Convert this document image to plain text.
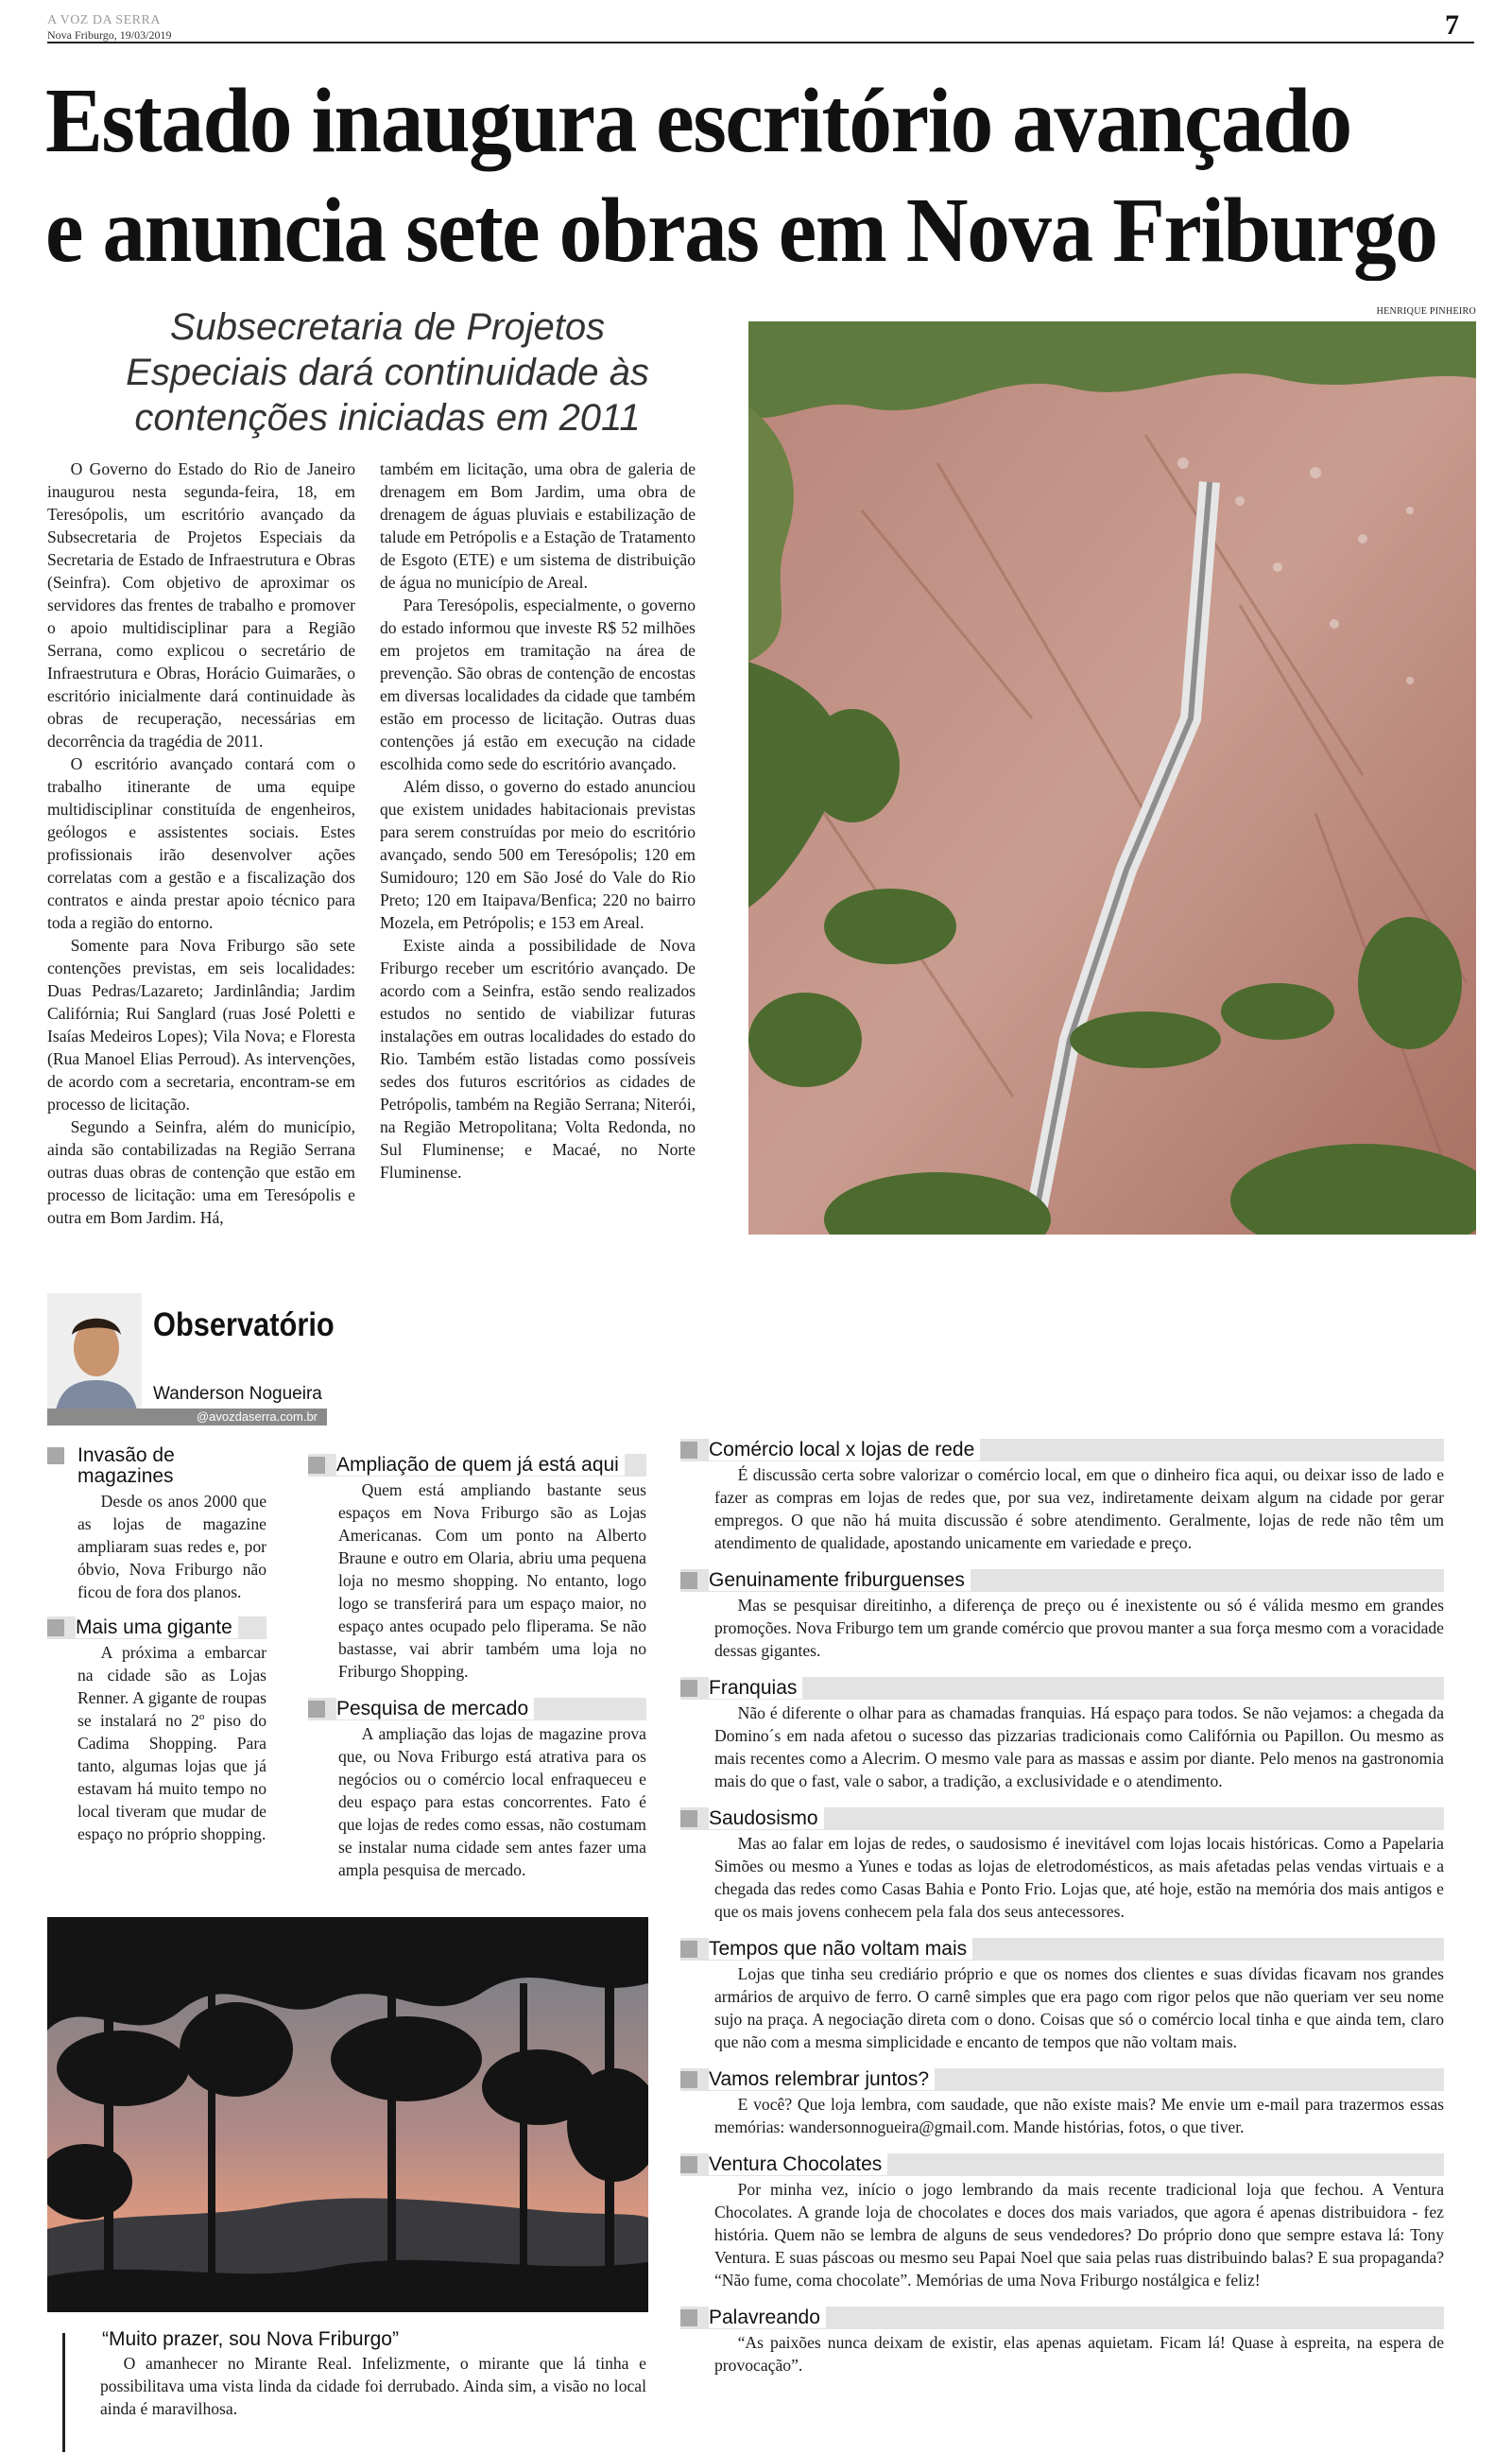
A VOZ DA SERRA
Nova Friburgo, 19/03/2019	7
Estado inaugura escritório avançado
e anuncia sete obras em Nova Friburgo
Subsecretaria de Projetos
Especiais dará continuidade às
contenções iniciadas em 2011
HENRIQUE PINHEIRO

O Governo do Estado do Rio de Janeiro inaugurou nesta segunda-feira, 18, em Teresópolis, um escritório avançado da Subsecretaria de Projetos Especiais da Secretaria de Estado de Infraestrutura e Obras (Seinfra). Com objetivo de aproximar os servidores das frentes de trabalho e promover o apoio multidisciplinar para a Região Serrana, como explicou o secretário de Infraestrutura e Obras, Horácio Guimarães, o escritório inicialmente dará continuidade às obras de recuperação, necessárias em decorrência da tragédia de 2011.

O escritório avançado contará com o trabalho itinerante de uma equipe multidisciplinar constituída de engenheiros, geólogos e assistentes sociais. Estes profissionais irão desenvolver ações correlatas com a gestão e a fiscalização dos contratos e ainda prestar apoio técnico para toda a região do entorno.

Somente para Nova Friburgo são sete contenções previstas, em seis localidades: Duas Pedras/Lazareto; Jardinlândia; Jardim Califórnia; Rui Sanglard (ruas José Poletti e Isaías Medeiros Lopes); Vila Nova; e Floresta (Rua Manoel Elias Perroud). As intervenções, de acordo com a secretaria, encontram-se em processo de licitação.

Segundo a Seinfra, além do município, ainda são contabilizadas na Região Serrana outras duas obras de contenção que estão em processo de licitação: uma em Teresópolis e outra em Bom Jardim. Há,

também em licitação, uma obra de galeria de drenagem em Bom Jardim, uma obra de drenagem de águas pluviais e estabilização de talude em Petrópolis e a Estação de Tratamento de Esgoto (ETE) e um sistema de distribuição de água no município de Areal.

Para Teresópolis, especialmente, o governo do estado informou que investe R$ 52 milhões em projetos em tramitação na área de prevenção. São obras de contenção de encostas em diversas localidades da cidade que também estão em processo de licitação. Outras duas contenções já estão em execução na cidade escolhida como sede do escritório avançado.

Além disso, o governo do estado anunciou que existem unidades habitacionais previstas para serem construídas por meio do escritório avançado, sendo 500 em Teresópolis; 120 em Sumidouro; 120 em São José do Vale do Rio Preto; 120 em Itaipava/Benfica; 220 no bairro Mozela, em Petrópolis; e 153 em Areal.

Existe ainda a possibilidade de Nova Friburgo receber um escritório avançado. De acordo com a Seinfra, estão sendo realizados estudos no sentido de viabilizar futuras instalações em outras localidades do estado do Rio. Também estão listadas como possíveis sedes dos futuros escritórios as cidades de Petrópolis, também na Região Serrana; Niterói, na Região Metropolitana; Volta Redonda, no Sul Fluminense; e Macaé, no Norte Fluminense.

Observatório
Wanderson Nogueira
@avozdaserra.com.br
Invasão de magazines

Desde os anos 2000 que as lojas de magazine ampliaram suas redes e, por óbvio, Nova Friburgo não ficou de fora dos planos.

Mais uma gigante

A próxima a embarcar na cidade são as Lojas Renner. A gigante de roupas se instalará no 2º piso do Cadima Shopping. Para tanto, algumas lojas que já estavam há muito tempo no local tiveram que mudar de espaço no próprio shopping.

Ampliação de quem já está aqui

Quem está ampliando bastante seus espaços em Nova Friburgo são as Lojas Americanas. Com um ponto na Alberto Braune e outro em Olaria, abriu uma pequena loja no mesmo shopping. No entanto, logo logo se transferirá para um espaço maior, no espaço antes ocupado pelo fliperama. Se não bastasse, vai abrir também uma loja no Friburgo Shopping.

Pesquisa de mercado

A ampliação das lojas de magazine prova que, ou Nova Friburgo está atrativa para os negócios ou o comércio local enfraqueceu e deu espaço para estas concorrentes. Fato é que lojas de redes como essas, não costumam se instalar numa cidade sem antes fazer uma ampla pesquisa de mercado.

“Muito prazer, sou Nova Friburgo”

O amanhecer no Mirante Real. Infelizmente, o mirante que lá tinha e possibilitava uma vista linda da cidade foi derrubado. Ainda sim, a visão no local ainda é maravilhosa.

Comércio local x lojas de rede

É discussão certa sobre valorizar o comércio local, em que o dinheiro fica aqui, ou deixar isso de lado e fazer as compras em lojas de redes que, por sua vez, indiretamente deixam algum na cidade por gerar empregos. O que não há muita discussão é sobre atendimento. Geralmente, lojas de rede não têm um atendimento de qualidade, apostando unicamente em variedade e preço.

Genuinamente friburguenses

Mas se pesquisar direitinho, a diferença de preço ou é inexistente ou só é válida mesmo em grandes promoções. Nova Friburgo tem um grande comércio que provou manter a sua força mesmo com a voracidade dessas gigantes.

Franquias

Não é diferente o olhar para as chamadas franquias. Há espaço para todos. Se não vejamos: a chegada da Domino´s em nada afetou o sucesso das pizzarias tradicionais como Califórnia ou Papillon. Ou mesmo as mais recentes como a Alecrim. O mesmo vale para as massas e assim por diante. Pelo menos na gastronomia mais do que o fast, vale o sabor, a tradição, a exclusividade e o atendimento.

Saudosismo

Mas ao falar em lojas de redes, o saudosismo é inevitável com lojas locais históricas. Como a Papelaria Simões ou mesmo a Yunes e todas as lojas de eletrodomésticos, as mais afetadas pelas vendas virtuais e a chegada das redes como Casas Bahia e Ponto Frio. Lojas que, até hoje, estão na memória dos mais antigos e que os mais jovens conhecem pela fala dos seus antecessores.

Tempos que não voltam mais

Lojas que tinha seu crediário próprio e que os nomes dos clientes e suas dívidas ficavam nos grandes armários de arquivo de ferro. O carnê simples que era pago com rigor pelos que não queriam ver seu nome sujo na praça. A negociação direta com o dono. Coisas que só o comércio local tinha e que ainda tem, claro que não com a mesma simplicidade e encanto de tempos que não voltam mais.

Vamos relembrar juntos?

E você? Que loja lembra, com saudade, que não existe mais? Me envie um e-mail para trazermos essas memórias: wandersonnogueira@gmail.com. Mande histórias, fotos, o que tiver.

Ventura Chocolates

Por minha vez, início o jogo lembrando da mais recente tradicional loja que fechou. A Ventura Chocolates. A grande loja de chocolates e doces dos mais variados, que agora é apenas distribuidora - fez história. Quem não se lembra de alguns de seus vendedores? Do próprio dono que sempre estava lá: Tony Ventura. E suas páscoas ou mesmo seu Papai Noel que saia pelas ruas distribuindo balas? E sua propaganda? “Não fume, coma chocolate”. Memórias de uma Nova Friburgo nostálgica e feliz!

Palavreando

“As paixões nunca deixam de existir, elas apenas aquietam. Ficam lá! Quase à espreita, na espera de provocação”.
